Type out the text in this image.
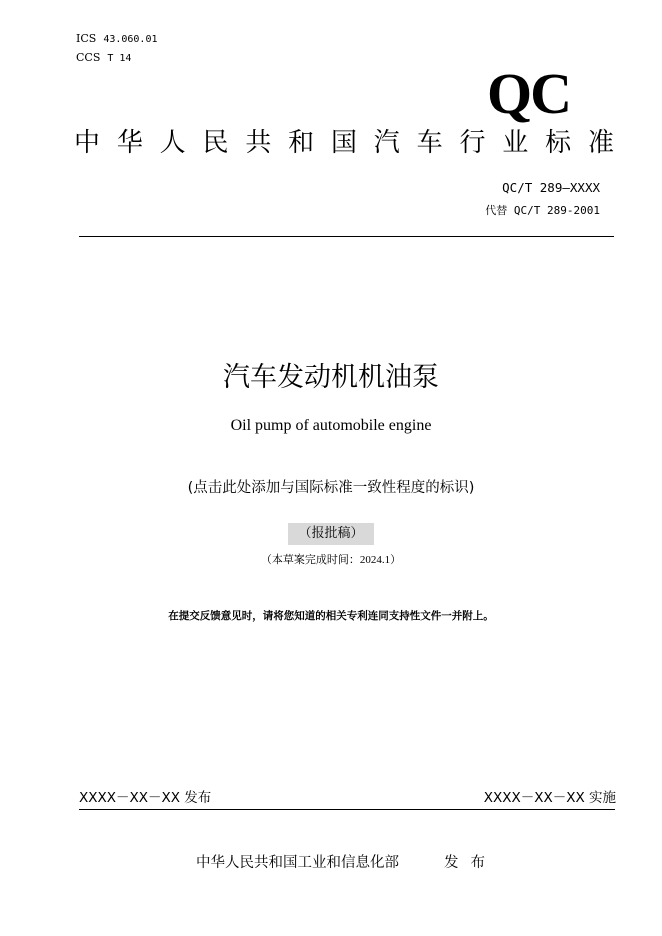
ICS 43.060.01
CCS T 14
QC
中 华 人 民 共 和 国 汽 车 行 业 标 准
QC/T 289—XXXX
代替 QC/T 289-2001
汽车发动机机油泵
Oil pump of automobile engine
(点击此处添加与国际标准一致性程度的标识)
（报批稿）
（本草案完成时间：2024.1）
在提交反馈意见时，请将您知道的相关专利连同支持性文件一并附上。
XXXX－XX－XX 发布	XXXX－XX－XX 实施
中华人民共和国工业和信息化部	发布
